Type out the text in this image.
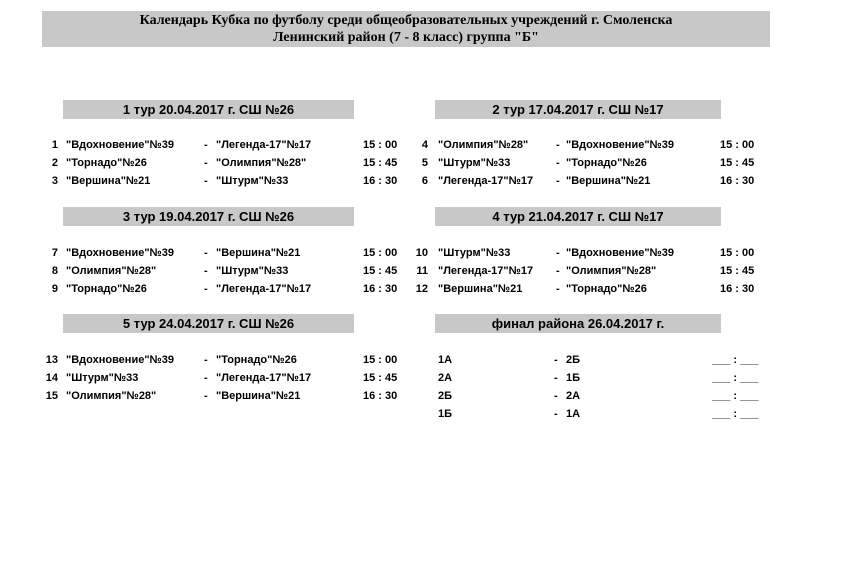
Календарь Кубка по футболу среди общеобразовательных учреждений г. Смоленска
Ленинский район (7 - 8 класс) группа "Б"
1 тур 20.04.2017 г. СШ №26
1 "Вдохновение"№39	- "Легенда-17"№17	15 : 00
2 "Торнадо"№26	- "Олимпия"№28"	15 : 45
3 "Вершина"№21	- "Штурм"№33	16 : 30
2 тур 17.04.2017 г. СШ №17
4 "Олимпия"№28"	- "Вдохновение"№39	15 : 00
5 "Штурм"№33	- "Торнадо"№26	15 : 45
6 "Легенда-17"№17 - "Вершина"№21	16 : 30
3 тур 19.04.2017 г. СШ №26
7 "Вдохновение"№39	- "Вершина"№21	15 : 00
8 "Олимпия"№28"	- "Штурм"№33	15 : 45
9 "Торнадо"№26	- "Легенда-17"№17	16 : 30
4 тур 21.04.2017 г. СШ №17
10 "Штурм"№33	- "Вдохновение"№39	15 : 00
11 "Легенда-17"№17 - "Олимпия"№28"	15 : 45
12 "Вершина"№21	- "Торнадо"№26	16 : 30
5 тур 24.04.2017 г. СШ №26
13 "Вдохновение"№39	- "Торнадо"№26	15 : 00
14 "Штурм"№33	- "Легенда-17"№17	15 : 45
15 "Олимпия"№28"	- "Вершина"№21	16 : 30
финал района 26.04.2017 г.
1А	- 2Б	___ : ___
2А	- 1Б	___ : ___
2Б	- 2А	___ : ___
1Б	- 1А	___ : ___
